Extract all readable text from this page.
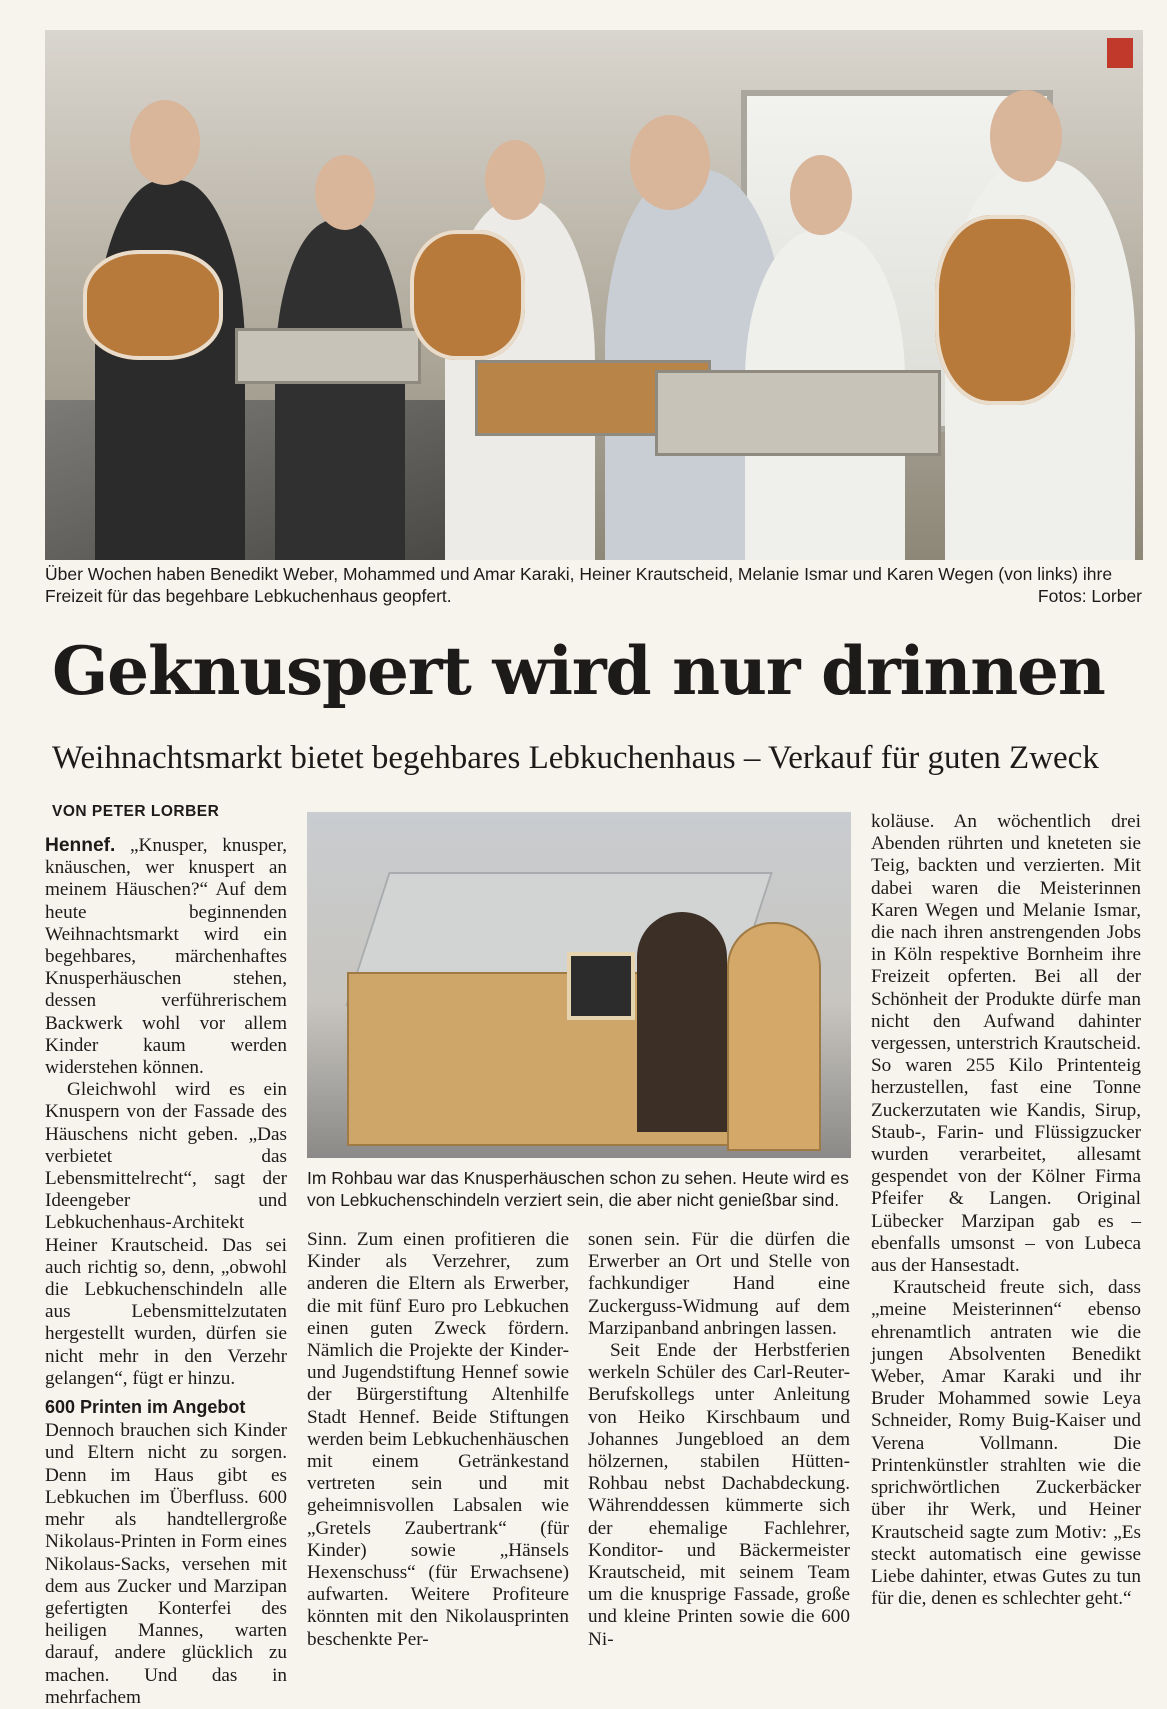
Über Wochen haben Benedikt Weber, Mohammed und Amar Karaki, Heiner Krautscheid, Melanie Ismar und Karen Wegen (von links) ihre Freizeit für das begehbare Lebkuchenhaus geopfert.	Fotos: Lorber
Geknuspert wird nur drinnen
Weihnachtsmarkt bietet begehbares Lebkuchenhaus – Verkauf für guten Zweck
VON PETER LORBER

Hennef. „Knusper, knusper, knäuschen, wer knuspert an meinem Häuschen?“ Auf dem heute beginnenden Weihnachtsmarkt wird ein begehbares, märchenhaftes Knusperhäuschen stehen, dessen verführerischem Backwerk wohl vor allem Kinder kaum werden widerstehen können.

Gleichwohl wird es ein Knuspern von der Fassade des Häuschens nicht geben. „Das verbietet das Lebensmittelrecht“, sagt der Ideengeber und Lebkuchenhaus-Architekt Heiner Krautscheid. Das sei auch richtig so, denn, „obwohl die Lebkuchenschindeln alle aus Lebensmittelzutaten hergestellt wurden, dürfen sie nicht mehr in den Verzehr gelangen“, fügt er hinzu.

600 Printen im Angebot

Dennoch brauchen sich Kinder und Eltern nicht zu sorgen. Denn im Haus gibt es Lebkuchen im Überfluss. 600 mehr als handtellergroße Nikolaus-Printen in Form eines Nikolaus-Sacks, versehen mit dem aus Zucker und Marzipan gefertigten Konterfei des heiligen Mannes, warten darauf, andere glücklich zu machen. Und das in mehrfachem

Im Rohbau war das Knusperhäuschen schon zu sehen. Heute wird es von Lebkuchenschindeln verziert sein, die aber nicht genießbar sind.

Sinn. Zum einen profitieren die Kinder als Verzehrer, zum anderen die Eltern als Erwerber, die mit fünf Euro pro Lebkuchen einen guten Zweck fördern. Nämlich die Projekte der Kinder- und Jugendstiftung Hennef sowie der Bürgerstiftung Altenhilfe Stadt Hennef. Beide Stiftungen werden beim Lebkuchenhäuschen mit einem Getränkestand vertreten sein und mit geheimnisvollen Labsalen wie „Gretels Zaubertrank“ (für Kinder) sowie „Hänsels Hexenschuss“ (für Erwachsene) aufwarten. Weitere Profiteure könnten mit den Nikolausprinten beschenkte Per-

sonen sein. Für die dürfen die Erwerber an Ort und Stelle von fachkundiger Hand eine Zuckerguss-Widmung auf dem Marzipanband anbringen lassen.

Seit Ende der Herbstferien werkeln Schüler des Carl-Reuter-Berufskollegs unter Anleitung von Heiko Kirschbaum und Johannes Jungebloed an dem hölzernen, stabilen Hütten-Rohbau nebst Dachabdeckung. Währenddessen kümmerte sich der ehemalige Fachlehrer, Konditor- und Bäckermeister Krautscheid, mit seinem Team um die knusprige Fassade, große und kleine Printen sowie die 600 Ni-

koläuse. An wöchentlich drei Abenden rührten und kneteten sie Teig, backten und verzierten. Mit dabei waren die Meisterinnen Karen Wegen und Melanie Ismar, die nach ihren anstrengenden Jobs in Köln respektive Bornheim ihre Freizeit opferten. Bei all der Schönheit der Produkte dürfe man nicht den Aufwand dahinter vergessen, unterstrich Krautscheid. So waren 255 Kilo Printenteig herzustellen, fast eine Tonne Zuckerzutaten wie Kandis, Sirup, Staub-, Farin- und Flüssigzucker wurden verarbeitet, allesamt gespendet von der Kölner Firma Pfeifer & Langen. Original Lübecker Marzipan gab es – ebenfalls umsonst – von Lubeca aus der Hansestadt.

Krautscheid freute sich, dass „meine Meisterinnen“ ebenso ehrenamtlich antraten wie die jungen Absolventen Benedikt Weber, Amar Karaki und ihr Bruder Mohammed sowie Leya Schneider, Romy Buig-Kaiser und Verena Vollmann. Die Printenkünstler strahlten wie die sprichwörtlichen Zuckerbäcker über ihr Werk, und Heiner Krautscheid sagte zum Motiv: „Es steckt automatisch eine gewisse Liebe dahinter, etwas Gutes zu tun für die, denen es schlechter geht.“
